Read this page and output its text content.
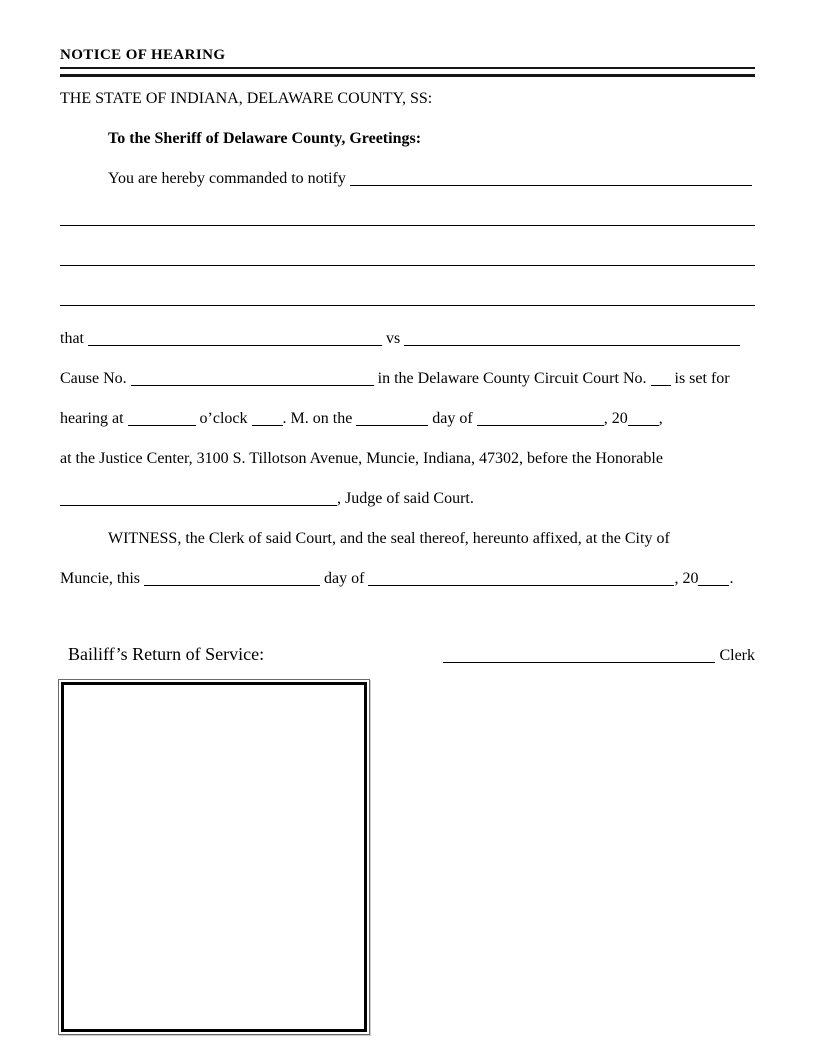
NOTICE OF HEARING

THE STATE OF INDIANA, DELAWARE COUNTY, SS:

To the Sheriff of Delaware County, Greetings:

You are hereby commanded to notify

that	vs

Cause No.	in the Delaware County Circuit Court No. is set for

hearing at	o’clock . M. on the	day of	, 20 ,

at the Justice Center, 3100 S. Tillotson Avenue, Muncie, Indiana, 47302, before the Honorable

, Judge of said Court.

WITNESS, the Clerk of said Court, and the seal thereof, hereunto affixed, at the City of

Muncie, this	day of	, 20 .

Bailiff’s Return of Service:	Clerk
